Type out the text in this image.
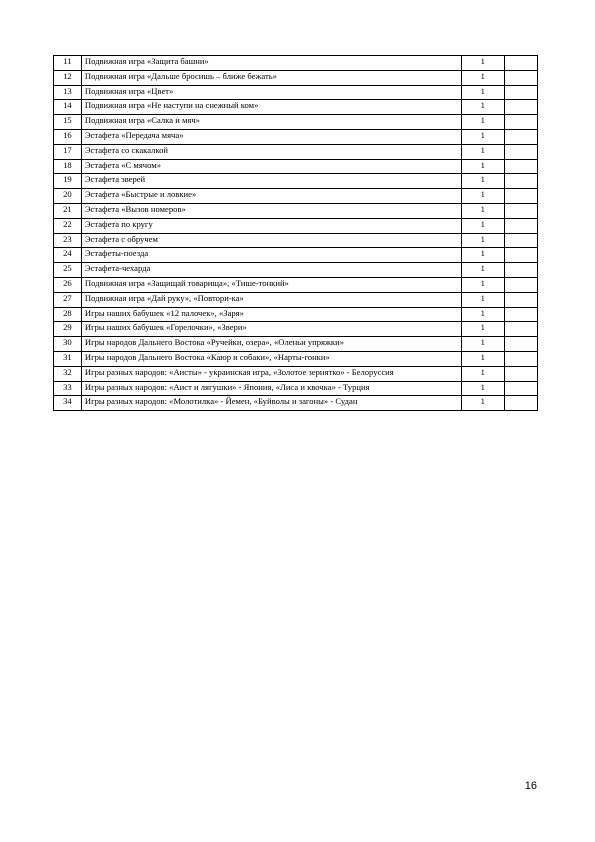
11	Подвижная игра «Защита башни»	1	
12	Подвижная игра «Дальше бросишь – ближе бежать»	1	
13	Подвижная игра «Цвет»	1	
14	Подвижная игра «Не наступи на снежный ком»	1	
15	Подвижная игра «Салка и мяч»	1	
16	Эстафета «Передача мяча»	1	
17	Эстафета со скакалкой	1	
18	Эстафета «С мячом»	1	
19	Эстафета зверей	1	
20	Эстафета «Быстрые и ловкие»	1	
21	Эстафета «Вызов номеров»	1	
22	Эстафета по кругу	1	
23	Эстафета с обручем	1	
24	Эстафеты-поезда	1	
25	Эстафета-чехарда	1	
26	Подвижная игра «Защищай товарища», «Тише-тонкий»	1	
27	Подвижная игра «Дай руку», «Повтори-ка»	1	
28	Игры наших бабушек «12 палочек», «Заря»	1	
29	Игры наших бабушек «Горелочки», «Звери»	1	
30	Игры народов Дальнего Востока «Ручейки, озера», «Оленьи упряжки»	1	
31	Игры народов Дальнего Востока «Каюр и собаки», «Нарты-гонки»	1	
32	Игры разных народов: «Аисты» - украинская игра, «Золотое зернятко» - Белоруссия	1	
33	Игры разных народов: «Аист и лягушки» - Япония, «Лиса и квочка» - Турция	1	
34	Игры разных народов: «Молотилка» - Йемен, «Буйволы и загоны» - Судан	1	
16
